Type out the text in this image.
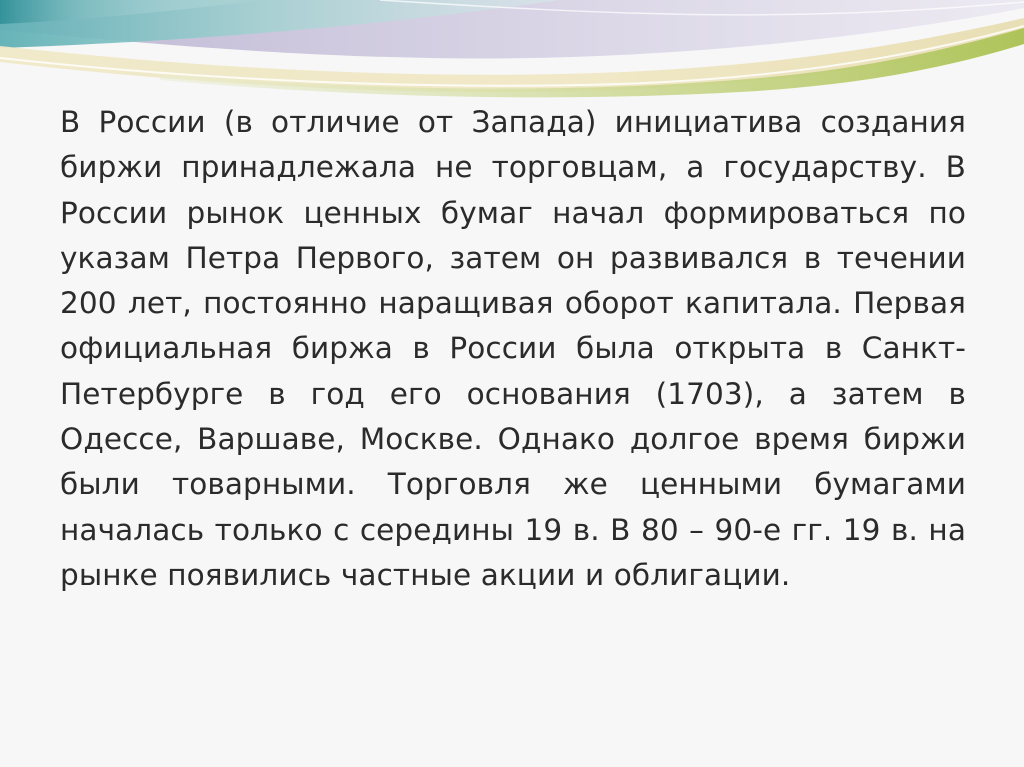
В России (в отличие от Запада) инициатива создания биржи принадлежала не торговцам, а государству. В России рынок ценных бумаг начал формироваться по указам Петра Первого, затем он развивался в течении 200 лет, постоянно наращивая оборот капитала. Первая официальная биржа в России была открыта в Санкт-Петербурге в год его основания (1703), а затем в Одессе, Варшаве, Москве. Однако долгое время биржи были товарными. Торговля же ценными бумагами началась только с середины 19 в. В 80 – 90-е гг. 19 в. на рынке появились частные акции и облигации.
